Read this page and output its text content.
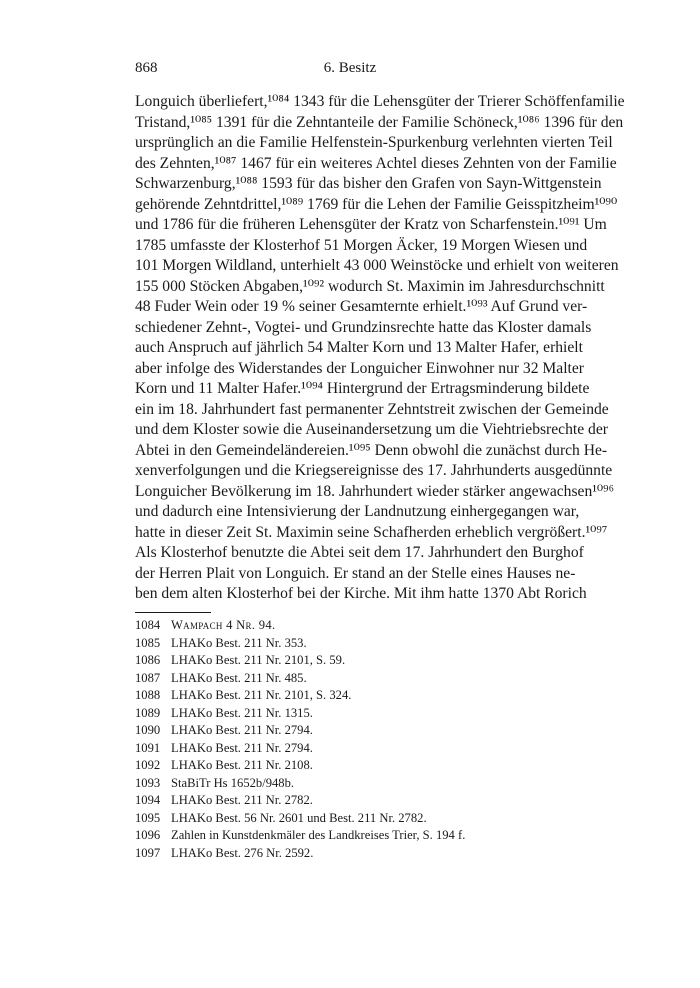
868	6. Besitz
Longuich überliefert,¹⁰⁸⁴ 1343 für die Lehensgüter der Trierer Schöffenfamilie
Tristand,¹⁰⁸⁵ 1391 für die Zehntanteile der Familie Schöneck,¹⁰⁸⁶ 1396 für den
ursprünglich an die Familie Helfenstein-Spurkenburg verlehnten vierten Teil
des Zehnten,¹⁰⁸⁷ 1467 für ein weiteres Achtel dieses Zehnten von der Familie
Schwarzenburg,¹⁰⁸⁸ 1593 für das bisher den Grafen von Sayn-Wittgenstein
gehörende Zehntdrittel,¹⁰⁸⁹ 1769 für die Lehen der Familie Geisspitzheim¹⁰⁹⁰
und 1786 für die früheren Lehensgüter der Kratz von Scharfenstein.¹⁰⁹¹ Um
1785 umfasste der Klosterhof 51 Morgen Äcker, 19 Morgen Wiesen und
101 Morgen Wildland, unterhielt 43 000 Weinstöcke und erhielt von weiteren
155 000 Stöcken Abgaben,¹⁰⁹² wodurch St. Maximin im Jahresdurchschnitt
48 Fuder Wein oder 19 % seiner Gesamternte erhielt.¹⁰⁹³ Auf Grund ver-
schiedener Zehnt-, Vogtei- und Grundzinsrechte hatte das Kloster damals
auch Anspruch auf jährlich 54 Malter Korn und 13 Malter Hafer, erhielt
aber infolge des Widerstandes der Longuicher Einwohner nur 32 Malter
Korn und 11 Malter Hafer.¹⁰⁹⁴ Hintergrund der Ertragsminderung bildete
ein im 18. Jahrhundert fast permanenter Zehntstreit zwischen der Gemeinde
und dem Kloster sowie die Auseinandersetzung um die Viehtriebsrechte der
Abtei in den Gemeindeländereien.¹⁰⁹⁵ Denn obwohl die zunächst durch He-
xenverfolgungen und die Kriegsereignisse des 17. Jahrhunderts ausgedünnte
Longuicher Bevölkerung im 18. Jahrhundert wieder stärker angewachsen¹⁰⁹⁶
und dadurch eine Intensivierung der Landnutzung einhergegangen war,
hatte in dieser Zeit St. Maximin seine Schafherden erheblich vergrößert.¹⁰⁹⁷
Als Klosterhof benutzte die Abtei seit dem 17. Jahrhundert den Burghof
der Herren Plait von Longuich. Er stand an der Stelle eines Hauses ne-
ben dem alten Klosterhof bei der Kirche. Mit ihm hatte 1370 Abt Rorich
1084 Wampach 4 Nr. 94.
1085 LHAKo Best. 211 Nr. 353.
1086 LHAKo Best. 211 Nr. 2101, S. 59.
1087 LHAKo Best. 211 Nr. 485.
1088 LHAKo Best. 211 Nr. 2101, S. 324.
1089 LHAKo Best. 211 Nr. 1315.
1090 LHAKo Best. 211 Nr. 2794.
1091 LHAKo Best. 211 Nr. 2794.
1092 LHAKo Best. 211 Nr. 2108.
1093 StaBiTr Hs 1652b/948b.
1094 LHAKo Best. 211 Nr. 2782.
1095 LHAKo Best. 56 Nr. 2601 und Best. 211 Nr. 2782.
1096 Zahlen in Kunstdenkmäler des Landkreises Trier, S. 194 f.
1097 LHAKo Best. 276 Nr. 2592.
